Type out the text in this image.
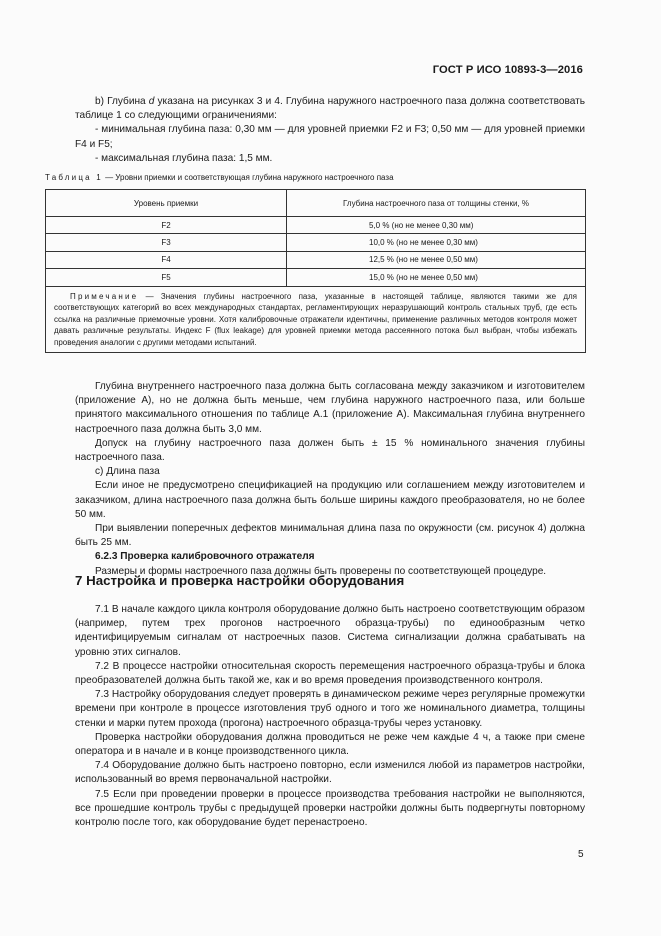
ГОСТ Р ИСО 10893-3—2016

b) Глубина d указана на рисунках 3 и 4. Глубина наружного настроечного паза должна соответствовать таблице 1 со следующими ограничениями:

- минимальная глубина паза: 0,30 мм — для уровней приемки F2 и F3; 0,50 мм — для уровней приемки F4 и F5;

- максимальная глубина паза: 1,5 мм.

Таблица 1 — Уровни приемки и соответствующая глубина наружного настроечного паза
Уровень приемки	Глубина настроечного паза от толщины стенки, %
F2	5,0 % (но не менее 0,30 мм)
F3	10,0 % (но не менее 0,30 мм)
F4	12,5 % (но не менее 0,50 мм)
F5	15,0 % (но не менее 0,50 мм)
Примечание — Значения глубины настроечного паза, указанные в настоящей таблице, являются такими же для соответствующих категорий во всех международных стандартах, регламентирующих неразрушающий контроль стальных труб, где есть ссылка на различные приемочные уровни. Хотя калибровочные отражатели идентичны, применение различных методов контроля может давать различные результаты. Индекс F (flux leakage) для уровней приемки метода рассеянного потока был выбран, чтобы избежать проведения аналогии с другими методами испытаний.	

Глубина внутреннего настроечного паза должна быть согласована между заказчиком и изготовителем (приложение А), но не должна быть меньше, чем глубина наружного настроечного паза, или больше принятого максимального отношения по таблице А.1 (приложение А). Максимальная глубина внутреннего настроечного паза должна быть 3,0 мм.

Допуск на глубину настроечного паза должен быть ± 15 % номинального значения глубины настроечного паза.

с) Длина паза

Если иное не предусмотрено спецификацией на продукцию или соглашением между изготовителем и заказчиком, длина настроечного паза должна быть больше ширины каждого преобразователя, но не более 50 мм.

При выявлении поперечных дефектов минимальная длина паза по окружности (см. рисунок 4) должна быть 25 мм.

6.2.3 Проверка калибровочного отражателя

Размеры и формы настроечного паза должны быть проверены по соответствующей процедуре.

7 Настройка и проверка настройки оборудования

7.1 В начале каждого цикла контроля оборудование должно быть настроено соответствующим образом (например, путем трех прогонов настроечного образца-трубы) по единообразным четко идентифицируемым сигналам от настроечных пазов. Система сигнализации должна срабатывать на уровню этих сигналов.

7.2 В процессе настройки относительная скорость перемещения настроечного образца-трубы и блока преобразователей должна быть такой же, как и во время проведения производственного контроля.

7.3 Настройку оборудования следует проверять в динамическом режиме через регулярные промежутки времени при контроле в процессе изготовления труб одного и того же номинального диаметра, толщины стенки и марки путем прохода (прогона) настроечного образца-трубы через установку.

Проверка настройки оборудования должна проводиться не реже чем каждые 4 ч, а также при смене оператора и в начале и в конце производственного цикла.

7.4 Оборудование должно быть настроено повторно, если изменился любой из параметров настройки, использованный во время первоначальной настройки.

7.5 Если при проведении проверки в процессе производства требования настройки не выполняются, все прошедшие контроль трубы с предыдущей проверки настройки должны быть подвергнуты повторному контролю после того, как оборудование будет перенастроено.

5
